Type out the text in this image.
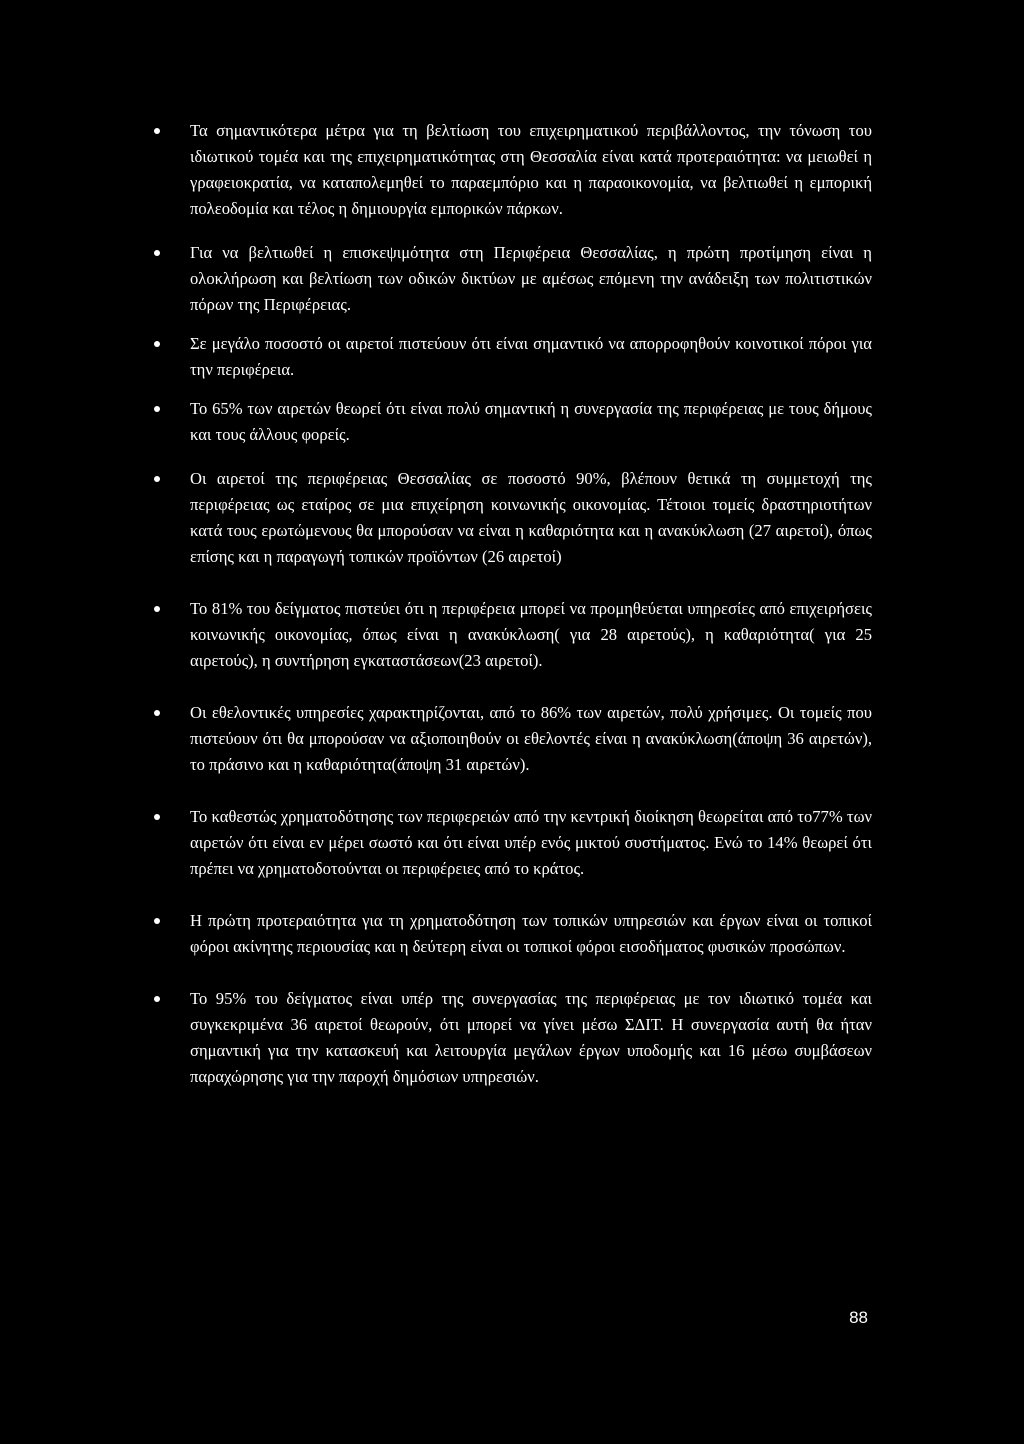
Τα σημαντικότερα μέτρα για τη βελτίωση του επιχειρηματικού περιβάλλοντος, την τόνωση του ιδιωτικού τομέα και της επιχειρηματικότητας στη Θεσσαλία είναι κατά προτεραιότητα: να μειωθεί η γραφειοκρατία, να καταπολεμηθεί το παραεμπόριο και η παραοικονομία, να βελτιωθεί η εμπορική πολεοδομία και τέλος η δημιουργία εμπορικών πάρκων.
Για να βελτιωθεί η επισκεψιμότητα στη Περιφέρεια Θεσσαλίας, η πρώτη προτίμηση είναι η ολοκλήρωση και βελτίωση των οδικών δικτύων με αμέσως επόμενη την ανάδειξη των πολιτιστικών πόρων της Περιφέρειας.
Σε μεγάλο ποσοστό οι αιρετοί πιστεύουν ότι είναι σημαντικό να απορροφηθούν κοινοτικοί πόροι για την περιφέρεια.
Το 65% των αιρετών θεωρεί ότι είναι πολύ σημαντική η συνεργασία της περιφέρειας με τους δήμους και τους άλλους φορείς.
Οι αιρετοί της περιφέρειας Θεσσαλίας σε ποσοστό 90%, βλέπουν θετικά τη συμμετοχή της περιφέρειας ως εταίρος σε μια επιχείρηση κοινωνικής οικονομίας. Τέτοιοι τομείς δραστηριοτήτων κατά τους ερωτώμενους θα μπορούσαν να είναι η καθαριότητα και η ανακύκλωση (27 αιρετοί), όπως επίσης και η παραγωγή τοπικών προϊόντων (26 αιρετοί)
Το 81% του δείγματος πιστεύει ότι η περιφέρεια μπορεί να προμηθεύεται υπηρεσίες από επιχειρήσεις κοινωνικής οικονομίας, όπως είναι η ανακύκλωση( για 28 αιρετούς), η καθαριότητα( για 25 αιρετούς), η συντήρηση εγκαταστάσεων(23 αιρετοί).
Οι εθελοντικές υπηρεσίες χαρακτηρίζονται, από το 86% των αιρετών, πολύ χρήσιμες. Οι τομείς που πιστεύουν ότι θα μπορούσαν να αξιοποιηθούν οι εθελοντές είναι η ανακύκλωση(άποψη 36 αιρετών), το πράσινο και η καθαριότητα(άποψη 31 αιρετών).
Το καθεστώς χρηματοδότησης των περιφερειών από την κεντρική διοίκηση θεωρείται από το77% των αιρετών ότι είναι εν μέρει σωστό και ότι είναι υπέρ ενός μικτού συστήματος. Ενώ το 14% θεωρεί ότι πρέπει να χρηματοδοτούνται οι περιφέρειες από το κράτος.
Η πρώτη προτεραιότητα για τη χρηματοδότηση των τοπικών υπηρεσιών και έργων είναι οι τοπικοί φόροι ακίνητης περιουσίας και η δεύτερη είναι οι τοπικοί φόροι εισοδήματος φυσικών προσώπων.
Το 95% του δείγματος είναι υπέρ της συνεργασίας της περιφέρειας με τον ιδιωτικό τομέα και συγκεκριμένα 36 αιρετοί θεωρούν, ότι μπορεί να γίνει μέσω ΣΔΙΤ. Η συνεργασία αυτή θα ήταν σημαντική για την κατασκευή και λειτουργία μεγάλων έργων υποδομής και 16 μέσω συμβάσεων παραχώρησης για την παροχή δημόσιων υπηρεσιών.
88
